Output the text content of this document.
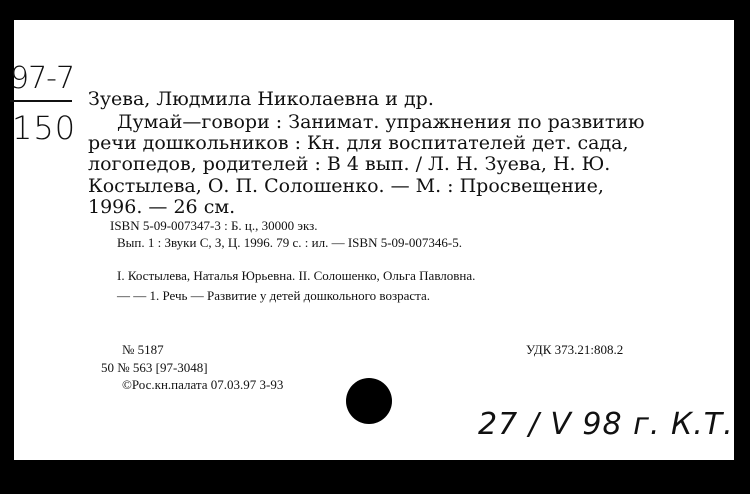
97-7
150
Зуева, Людмила Николаевна и др.
Думай—говори : Занимат. упражнения по развитию
речи дошкольников : Кн. для воспитателей дет. сада,
логопедов, родителей : В 4 вып. / Л. Н. Зуева, Н. Ю.
Костылева, О. П. Солошенко. — М. : Просвещение,
1996. — 26 см.
ISBN 5-09-007347-3 : Б. ц., 30000 экз.
Вып. 1 : Звуки С, З, Ц. 1996. 79 с. : ил. — ISBN 5-09-007346-5.
I. Костылева, Наталья Юрьевна. II. Солошенко, Ольга Павловна.
— — 1. Речь — Развитие у детей дошкольного возраста.
№ 5187	УДК 373.21:808.2
50 № 563 [97-3048]
©Рос.кн.палата 07.03.97 3-93
27 / V 98 г. К.Т.
